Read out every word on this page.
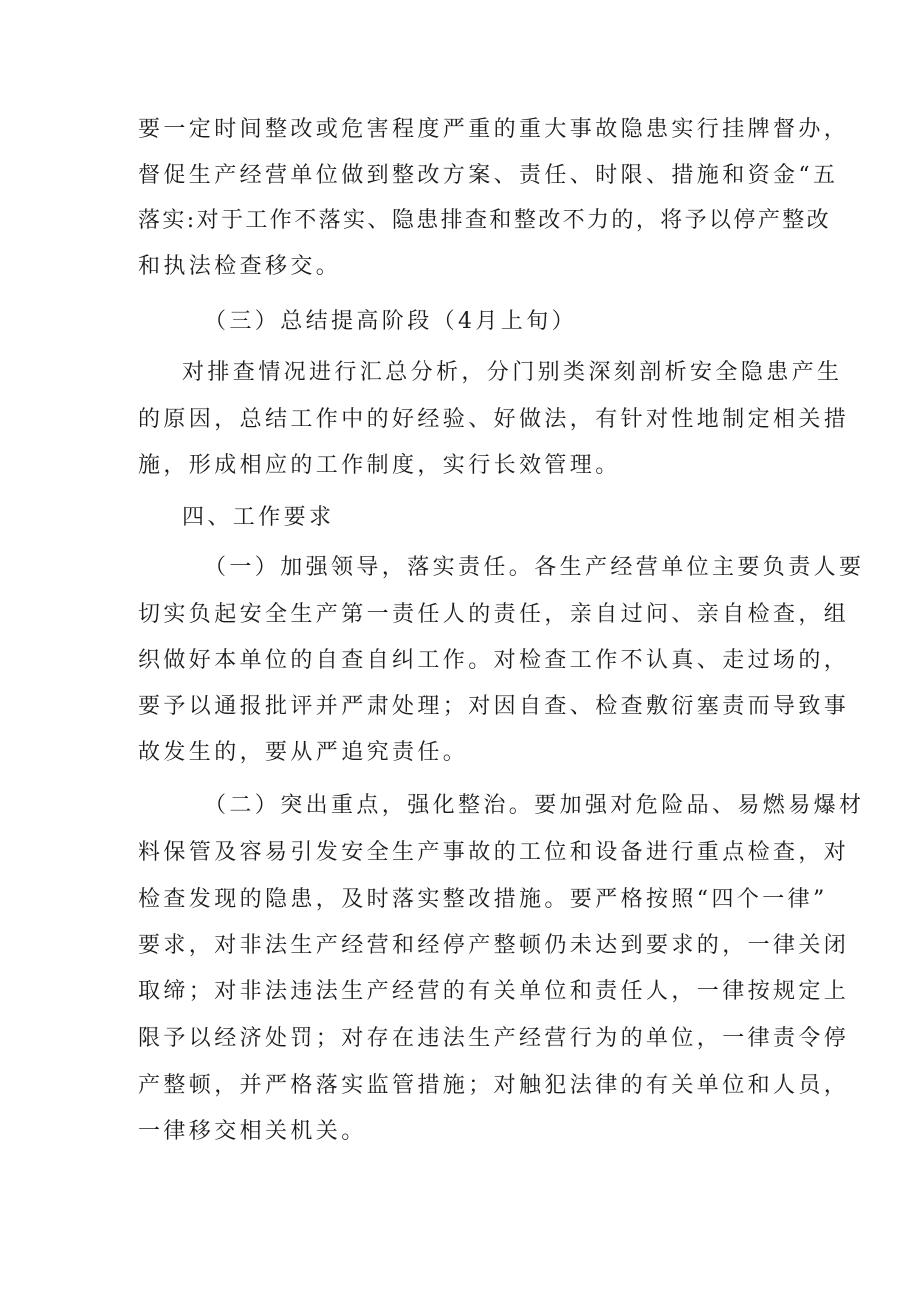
要一定时间整改或危害程度严重的重大事故隐患实行挂牌督办，
督促生产经营单位做到整改方案、责任、时限、措施和资金“五
落实:对于工作不落实、隐患排查和整改不力的，将予以停产整改
和执法检查移交。
（三）总结提高阶段（4月上旬）
对排查情况进行汇总分析，分门别类深刻剖析安全隐患产生
的原因，总结工作中的好经验、好做法，有针对性地制定相关措
施，形成相应的工作制度，实行长效管理。
四、工作要求
（一）加强领导，落实责任。各生产经营单位主要负责人要
切实负起安全生产第一责任人的责任，亲自过问、亲自检查，组
织做好本单位的自查自纠工作。对检查工作不认真、走过场的，
要予以通报批评并严肃处理；对因自查、检查敷衍塞责而导致事
故发生的，要从严追究责任。
（二）突出重点，强化整治。要加强对危险品、易燃易爆材
料保管及容易引发安全生产事故的工位和设备进行重点检查，对
检查发现的隐患，及时落实整改措施。要严格按照“四个一律”
要求，对非法生产经营和经停产整顿仍未达到要求的，一律关闭
取缔；对非法违法生产经营的有关单位和责任人，一律按规定上
限予以经济处罚；对存在违法生产经营行为的单位，一律责令停
产整顿，并严格落实监管措施；对触犯法律的有关单位和人员，
一律移交相关机关。
